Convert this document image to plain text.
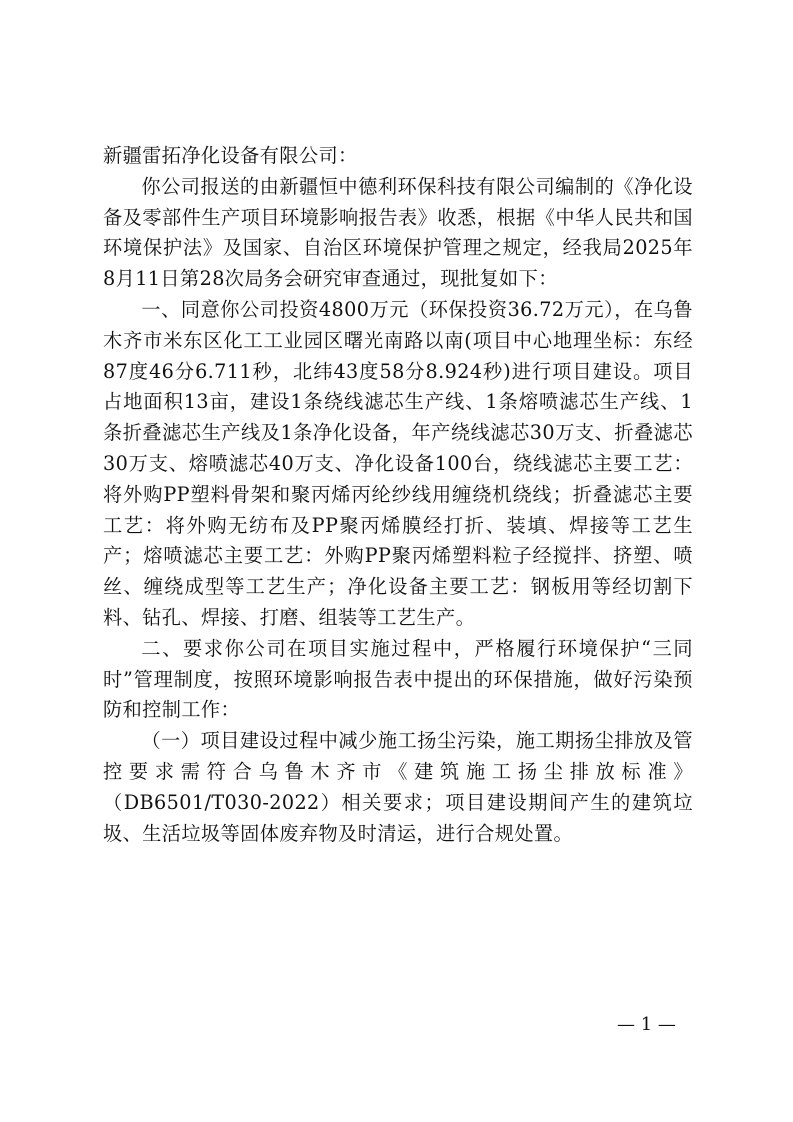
新疆雷拓净化设备有限公司：

你公司报送的由新疆恒中德利环保科技有限公司编制的《净化设备及零部件生产项目环境影响报告表》收悉，根据《中华人民共和国环境保护法》及国家、自治区环境保护管理之规定，经我局2025年8月11日第28次局务会研究审查通过，现批复如下：

一、同意你公司投资4800万元（环保投资36.72万元），在乌鲁木齐市米东区化工工业园区曙光南路以南(项目中心地理坐标：东经87度46分6.711秒，北纬43度58分8.924秒)进行项目建设。项目占地面积13亩，建设1条绕线滤芯生产线、1条熔喷滤芯生产线、1条折叠滤芯生产线及1条净化设备，年产绕线滤芯30万支、折叠滤芯30万支、熔喷滤芯40万支、净化设备100台，绕线滤芯主要工艺：将外购PP塑料骨架和聚丙烯丙纶纱线用缠绕机绕线；折叠滤芯主要工艺：将外购无纺布及PP聚丙烯膜经打折、装填、焊接等工艺生产；熔喷滤芯主要工艺：外购PP聚丙烯塑料粒子经搅拌、挤塑、喷丝、缠绕成型等工艺生产；净化设备主要工艺：钢板用等经切割下料、钻孔、焊接、打磨、组装等工艺生产。

二、要求你公司在项目实施过程中，严格履行环境保护“三同时”管理制度，按照环境影响报告表中提出的环保措施，做好污染预防和控制工作：

（一）项目建设过程中减少施工扬尘污染，施工期扬尘排放及管控要求需符合乌鲁木齐市《建筑施工扬尘排放标准》（DB6501/T030-2022）相关要求；项目建设期间产生的建筑垃圾、生活垃圾等固体废弃物及时清运，进行合规处置。

— 1 —
